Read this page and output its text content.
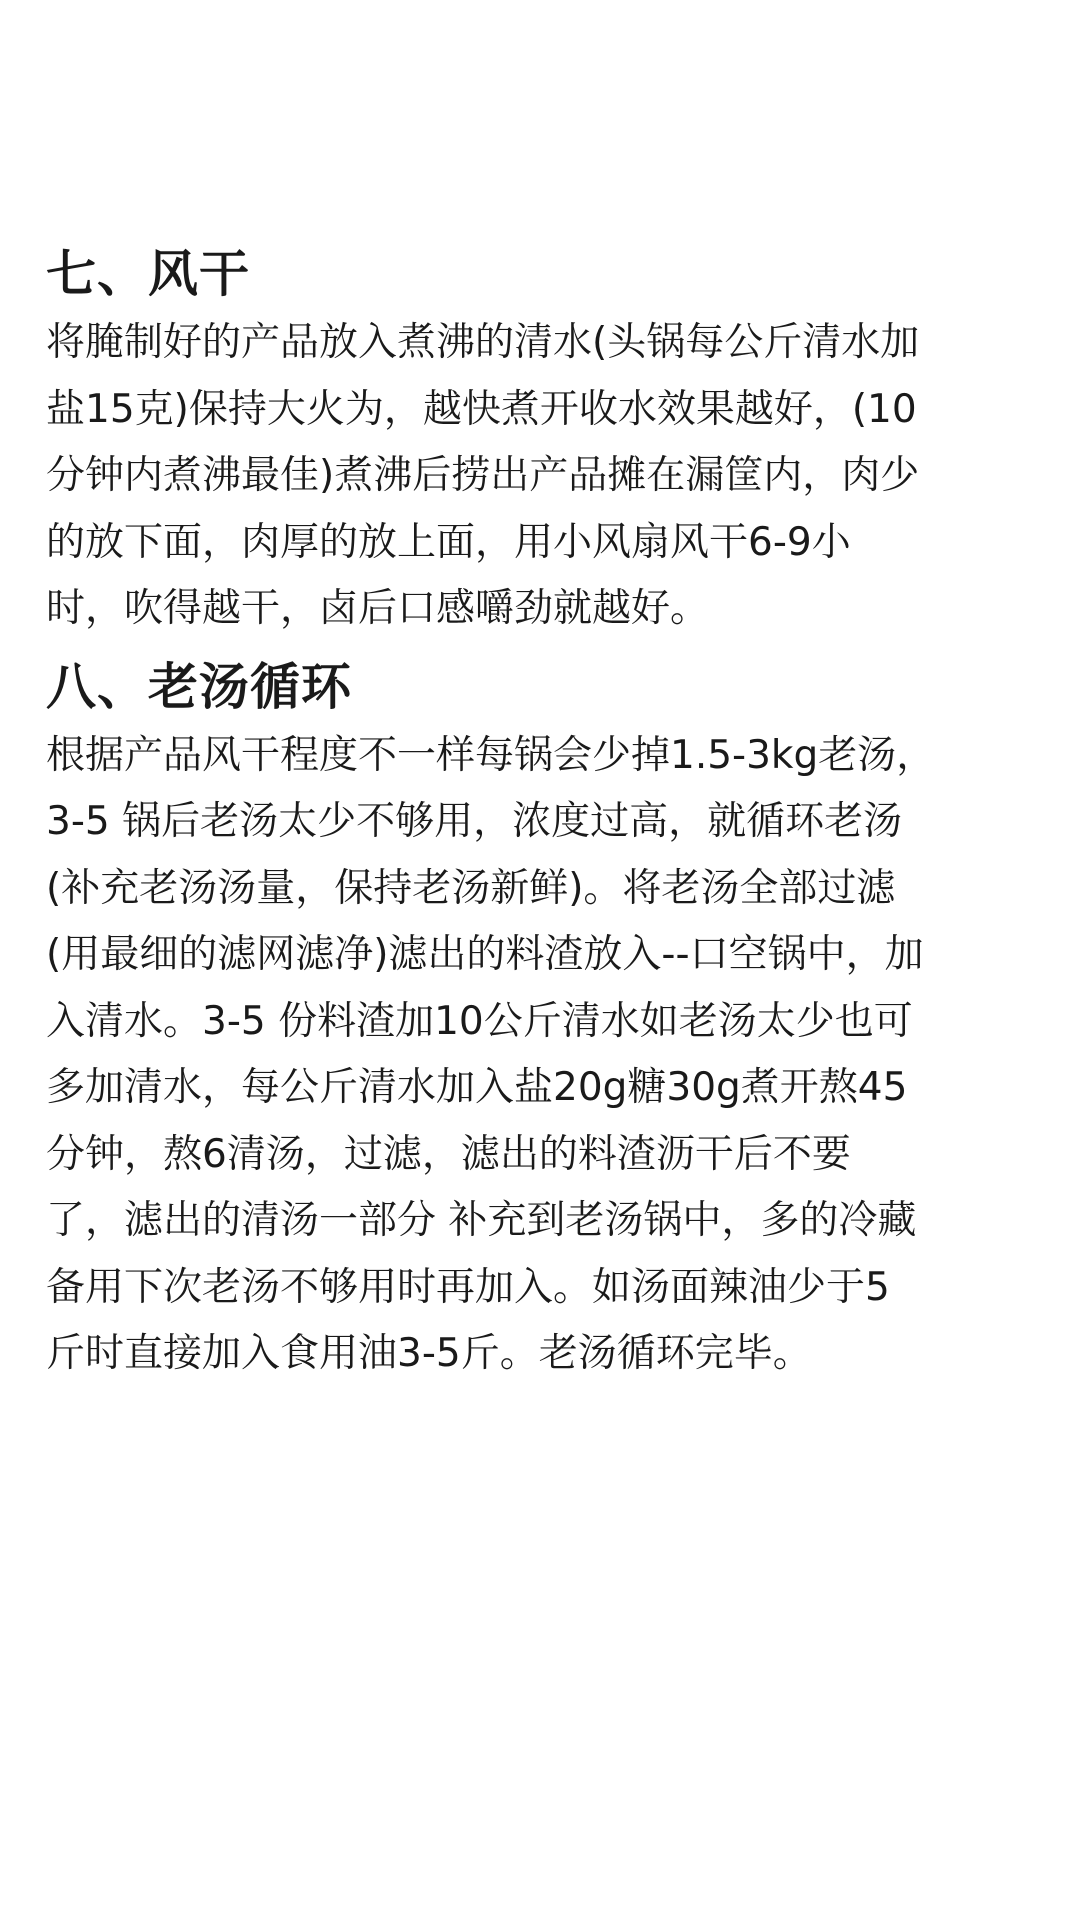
七、风干

将腌制好的产品放入煮沸的清水(头锅每公斤清水加

盐15克)保持大火为，越快煮开收水效果越好，(10

分钟内煮沸最佳)煮沸后捞出产品摊在漏筐内，肉少

的放下面，肉厚的放上面，用小风扇风干6-9小

时，吹得越干，卤后口感嚼劲就越好。

八、老汤循环

根据产品风干程度不一样每锅会少掉1.5-3kg老汤，

3-5 锅后老汤太少不够用，浓度过高，就循环老汤

(补充老汤汤量，保持老汤新鲜)。将老汤全部过滤

(用最细的滤网滤净)滤出的料渣放入--口空锅中，加

入清水。3-5 份料渣加10公斤清水如老汤太少也可

多加清水，每公斤清水加入盐20g糖30g煮开熬45

分钟，熬6清汤，过滤，滤出的料渣沥干后不要

了，滤出的清汤一部分 补充到老汤锅中，多的冷藏

备用下次老汤不够用时再加入。如汤面辣油少于5

斤时直接加入食用油3-5斤。老汤循环完毕。
